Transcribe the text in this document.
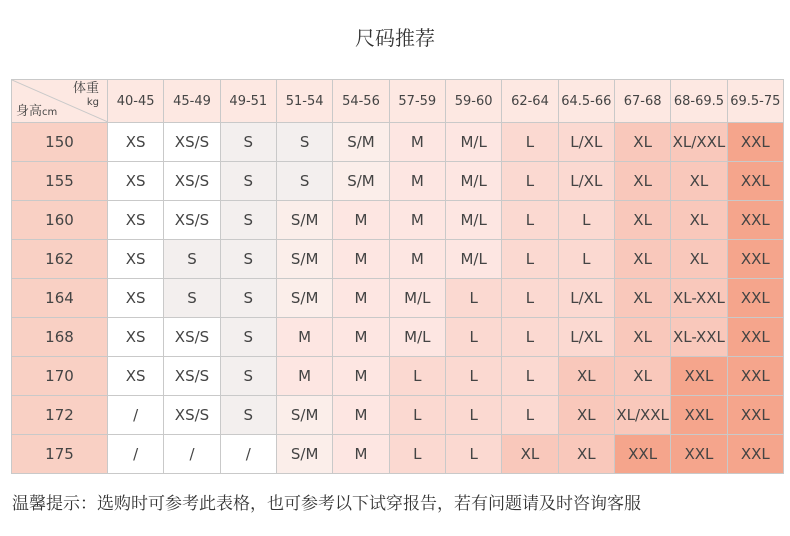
尺码推荐
体重
kg
身高cm	40-45	45-49	49-51	51-54	54-56	57-59	59-60	62-64	64.5-66	67-68	68-69.5	69.5-75
150	XS	XS/S	S	S	S/M	M	M/L	L	L/XL	XL	XL/XXL	XXL
155	XS	XS/S	S	S	S/M	M	M/L	L	L/XL	XL	XL	XXL
160	XS	XS/S	S	S/M	M	M	M/L	L	L	XL	XL	XXL
162	XS	S	S	S/M	M	M	M/L	L	L	XL	XL	XXL
164	XS	S	S	S/M	M	M/L	L	L	L/XL	XL	XL-XXL	XXL
168	XS	XS/S	S	M	M	M/L	L	L	L/XL	XL	XL-XXL	XXL
170	XS	XS/S	S	M	M	L	L	L	XL	XL	XXL	XXL
172	/	XS/S	S	S/M	M	L	L	L	XL	XL/XXL	XXL	XXL
175	/	/	/	S/M	M	L	L	XL	XL	XXL	XXL	XXL
温馨提示：选购时可参考此表格，也可参考以下试穿报告，若有问题请及时咨询客服
